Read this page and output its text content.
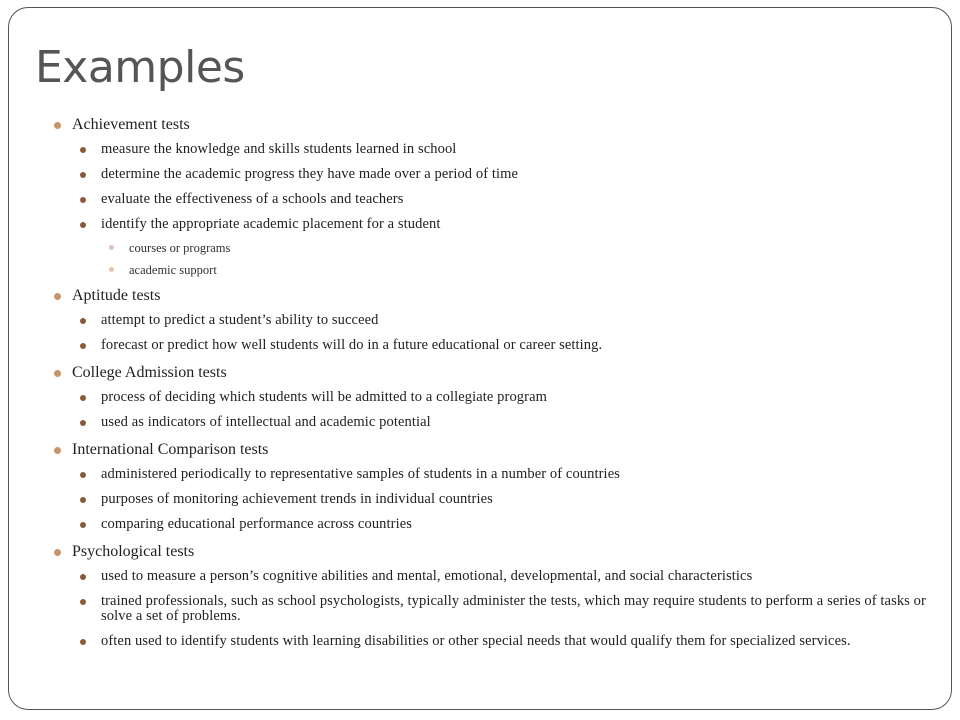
Examples
Achievement tests
measure the knowledge and skills students learned in school
determine the academic progress they have made over a period of time
evaluate the effectiveness of a schools and teachers
identify the appropriate academic placement for a student
courses or programs
academic support
Aptitude tests
attempt to predict a student’s ability to succeed
forecast or predict how well students will do in a future educational or career setting.
College Admission tests
process of deciding which students will be admitted to a collegiate program
used as indicators of intellectual and academic potential
International Comparison tests
administered periodically to representative samples of students in a number of countries
purposes of monitoring achievement trends in individual countries
comparing educational performance across countries
Psychological tests
used to measure a person’s cognitive abilities and mental, emotional, developmental, and social characteristics
trained professionals, such as school psychologists, typically administer the tests, which may require students to perform a series of tasks or solve a set of problems.
often used to identify students with learning disabilities or other special needs that would qualify them for specialized services.
